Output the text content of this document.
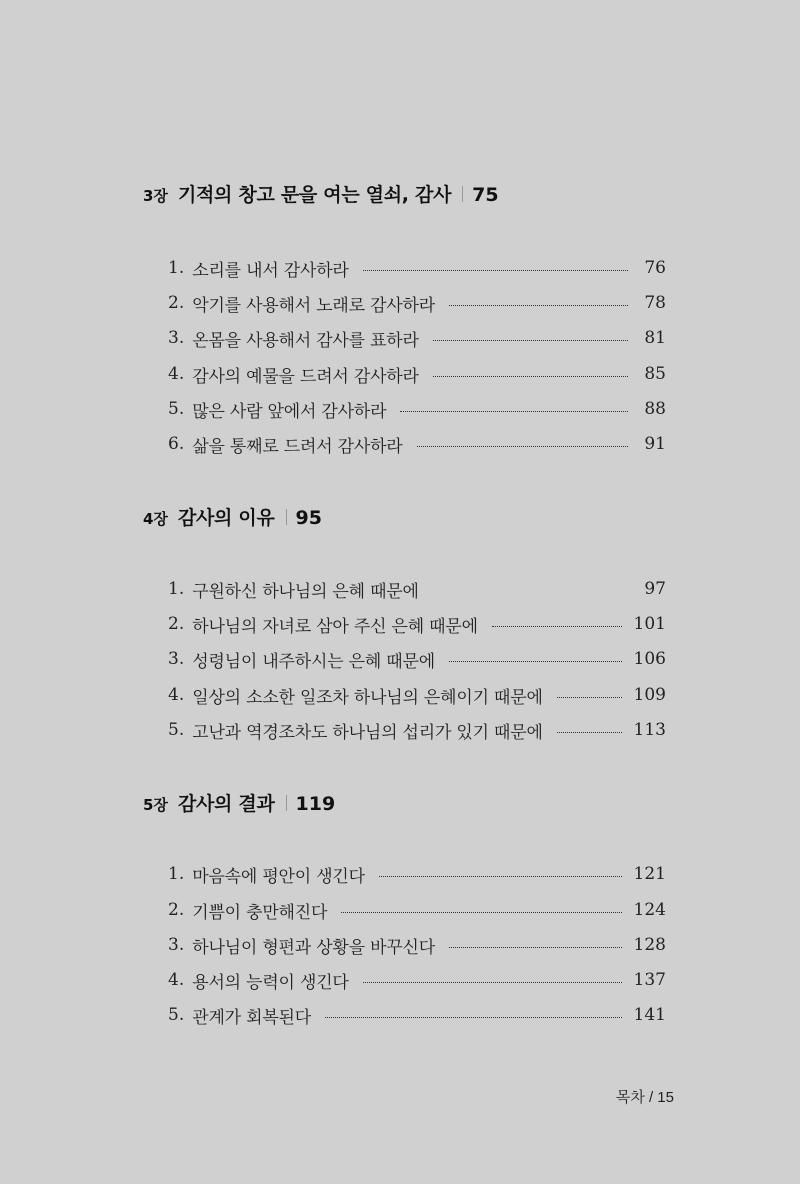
3장 기적의 창고 문을 여는 열쇠, 감사 75
1. 소리를 내서 감사하라	76
2. 악기를 사용해서 노래로 감사하라	78
3. 온몸을 사용해서 감사를 표하라	81
4. 감사의 예물을 드려서 감사하라	85
5. 많은 사람 앞에서 감사하라	88
6. 삶을 통째로 드려서 감사하라	91
4장 감사의 이유 95
1. 구원하신 하나님의 은혜 때문에	97
2. 하나님의 자녀로 삼아 주신 은혜 때문에	101
3. 성령님이 내주하시는 은혜 때문에	106
4. 일상의 소소한 일조차 하나님의 은혜이기 때문에	109
5. 고난과 역경조차도 하나님의 섭리가 있기 때문에	113
5장 감사의 결과 119
1. 마음속에 평안이 생긴다	121
2. 기쁨이 충만해진다	124
3. 하나님이 형편과 상황을 바꾸신다	128
4. 용서의 능력이 생긴다	137
5. 관계가 회복된다	141
목차 / 15
